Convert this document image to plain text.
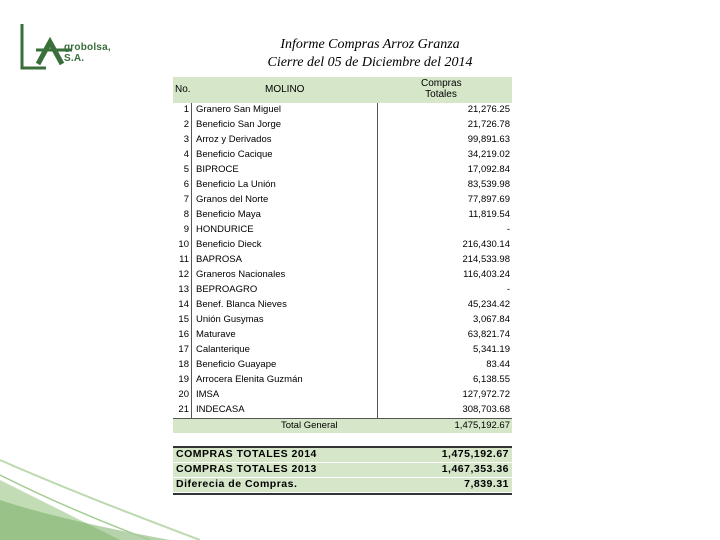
grobolsa, S.A.
Informe Compras Arroz Granza
Cierre del 05 de Diciembre del 2014
No.	MOLINO
Compras
Totales
1 Granero San Miguel	21,276.25
2 Beneficio San Jorge	21,726.78
3 Arroz y Derivados	99,891.63
4 Beneficio Cacique	34,219.02
5 BIPROCE	17,092.84
6 Beneficio La Unión	83,539.98
7 Granos del Norte	77,897.69
8 Beneficio Maya	11,819.54
9 HONDURICE	-
10 Beneficio Dieck	216,430.14
11 BAPROSA	214,533.98
12 Graneros Nacionales	116,403.24
13 BEPROAGRO	-
14 Benef. Blanca Nieves	45,234.42
15 Unión Gusymas	3,067.84
16 Maturave	63,821.74
17 Calanterique	5,341.19
18 Beneficio Guayape	83.44
19 Arrocera Elenita Guzmán	6,138.55
20 IMSA	127,972.72
21 INDECASA	308,703.68
Total General	1,475,192.67
COMPRAS TOTALES 2014	1,475,192.67
COMPRAS TOTALES 2013	1,467,353.36
Diferecia de Compras.	7,839.31
